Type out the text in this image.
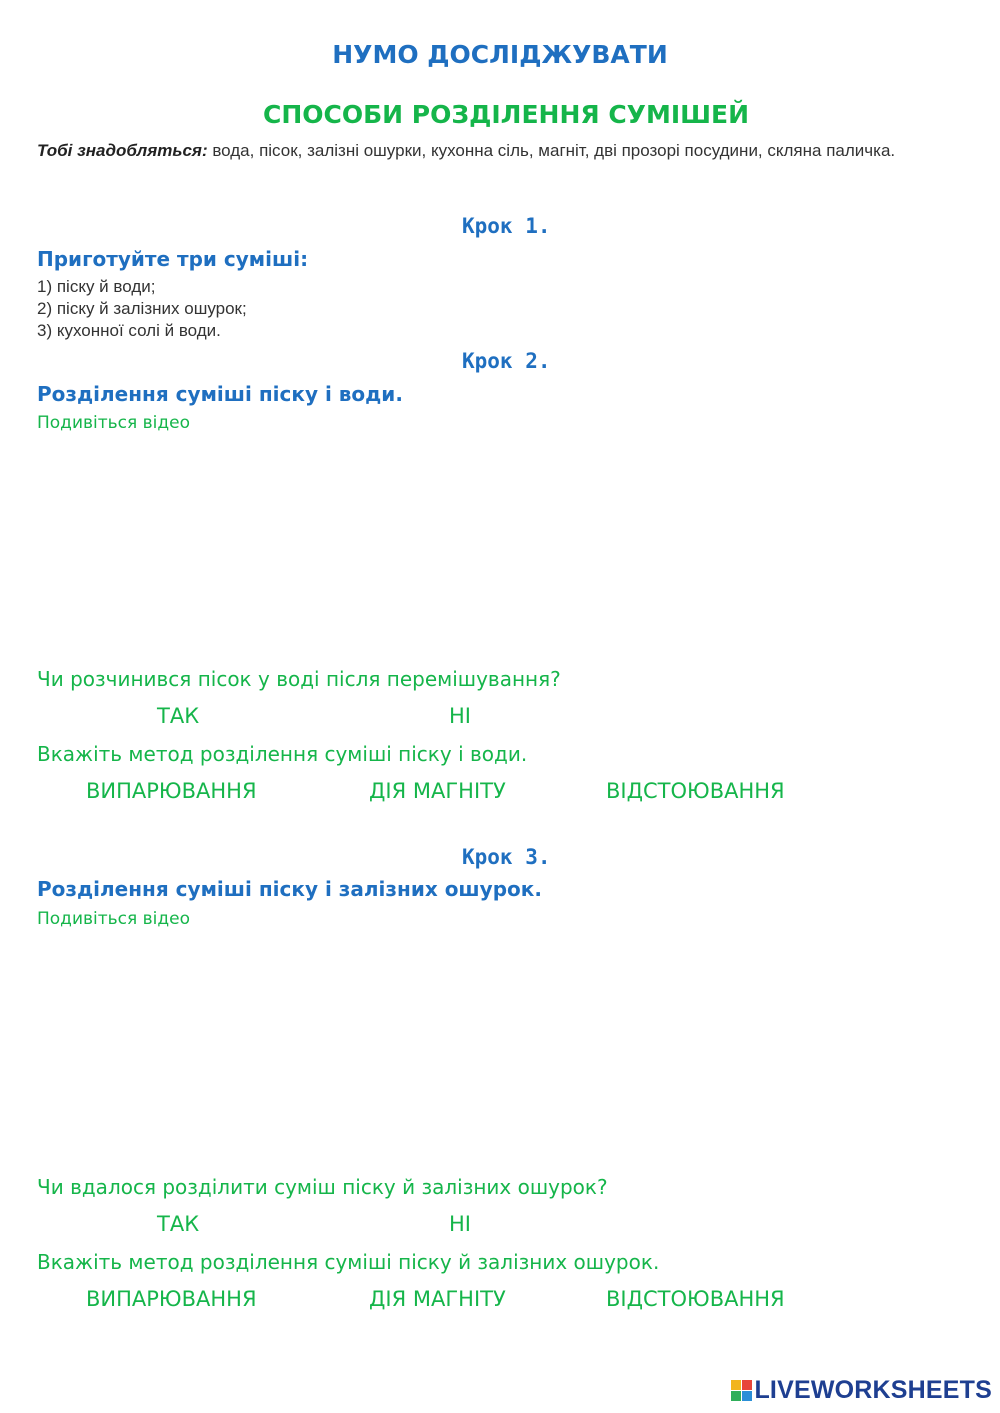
НУМО ДОСЛІДЖУВАТИ
СПОСОБИ РОЗДІЛЕННЯ СУМІШЕЙ
Тобі знадобляться: вода, пісок, залізні ошурки, кухонна сіль, магніт, дві прозорі посудини, скляна паличка.
Крок 1.
Приготуйте три суміші:
1) піску й води;
2) піску й залізних ошурок;
3) кухонної солі й води.
Крок 2.
Розділення суміші піску і води.
Подивіться відео
Чи розчинився пісок у воді після перемішування?
ТАК	НІ
Вкажіть метод розділення суміші піску і води.
ВИПАРЮВАННЯ	ДІЯ МАГНІТУ	ВІДСТОЮВАННЯ
Крок 3.
Розділення суміші піску і залізних ошурок.
Подивіться відео
Чи вдалося розділити суміш піску й залізних ошурок?
ТАК	НІ
Вкажіть метод розділення суміші піску й залізних ошурок.
ВИПАРЮВАННЯ	ДІЯ МАГНІТУ	ВІДСТОЮВАННЯ
LIVEWORKSHEETS
